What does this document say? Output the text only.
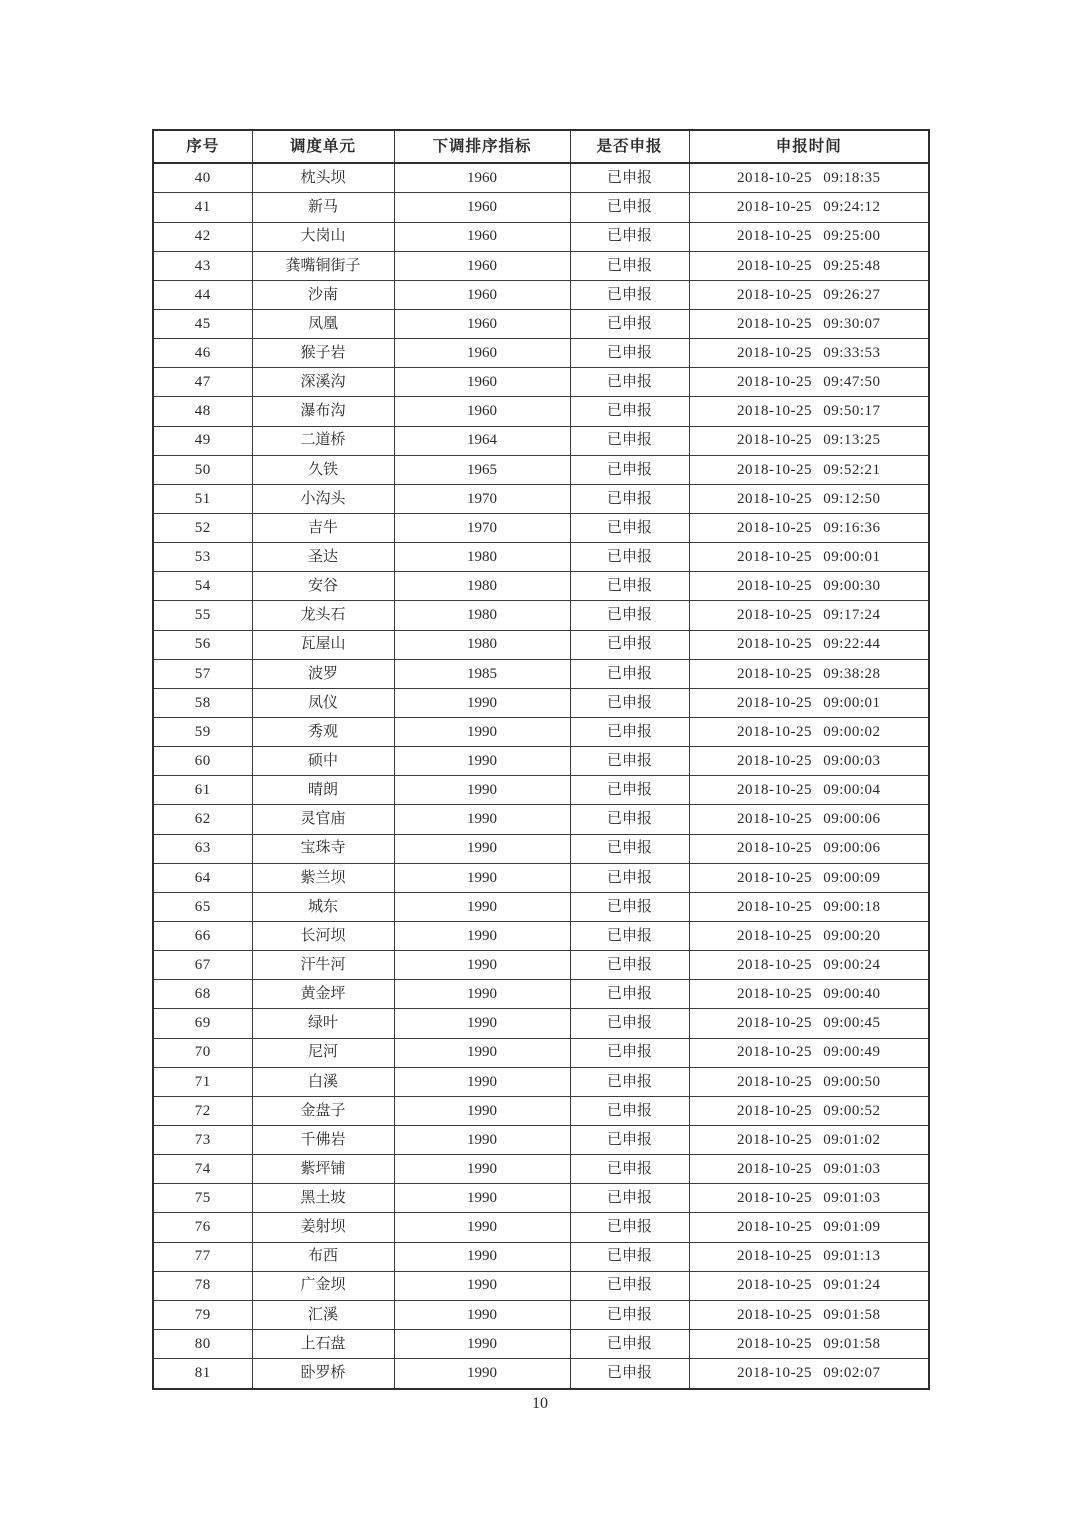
序号	调度单元	下调排序指标	是否申报	申报时间
40	枕头坝	1960	已申报	2018-10-25 09:18:35
41	新马	1960	已申报	2018-10-25 09:24:12
42	大岗山	1960	已申报	2018-10-25 09:25:00
43	龚嘴铜街子	1960	已申报	2018-10-25 09:25:48
44	沙南	1960	已申报	2018-10-25 09:26:27
45	凤凰	1960	已申报	2018-10-25 09:30:07
46	猴子岩	1960	已申报	2018-10-25 09:33:53
47	深溪沟	1960	已申报	2018-10-25 09:47:50
48	瀑布沟	1960	已申报	2018-10-25 09:50:17
49	二道桥	1964	已申报	2018-10-25 09:13:25
50	久铁	1965	已申报	2018-10-25 09:52:21
51	小沟头	1970	已申报	2018-10-25 09:12:50
52	吉牛	1970	已申报	2018-10-25 09:16:36
53	圣达	1980	已申报	2018-10-25 09:00:01
54	安谷	1980	已申报	2018-10-25 09:00:30
55	龙头石	1980	已申报	2018-10-25 09:17:24
56	瓦屋山	1980	已申报	2018-10-25 09:22:44
57	波罗	1985	已申报	2018-10-25 09:38:28
58	凤仪	1990	已申报	2018-10-25 09:00:01
59	秀观	1990	已申报	2018-10-25 09:00:02
60	硕中	1990	已申报	2018-10-25 09:00:03
61	晴朗	1990	已申报	2018-10-25 09:00:04
62	灵官庙	1990	已申报	2018-10-25 09:00:06
63	宝珠寺	1990	已申报	2018-10-25 09:00:06
64	紫兰坝	1990	已申报	2018-10-25 09:00:09
65	城东	1990	已申报	2018-10-25 09:00:18
66	长河坝	1990	已申报	2018-10-25 09:00:20
67	汗牛河	1990	已申报	2018-10-25 09:00:24
68	黄金坪	1990	已申报	2018-10-25 09:00:40
69	绿叶	1990	已申报	2018-10-25 09:00:45
70	尼河	1990	已申报	2018-10-25 09:00:49
71	白溪	1990	已申报	2018-10-25 09:00:50
72	金盘子	1990	已申报	2018-10-25 09:00:52
73	千佛岩	1990	已申报	2018-10-25 09:01:02
74	紫坪铺	1990	已申报	2018-10-25 09:01:03
75	黑土坡	1990	已申报	2018-10-25 09:01:03
76	姜射坝	1990	已申报	2018-10-25 09:01:09
77	布西	1990	已申报	2018-10-25 09:01:13
78	广金坝	1990	已申报	2018-10-25 09:01:24
79	汇溪	1990	已申报	2018-10-25 09:01:58
80	上石盘	1990	已申报	2018-10-25 09:01:58
81	卧罗桥	1990	已申报	2018-10-25 09:02:07
10
